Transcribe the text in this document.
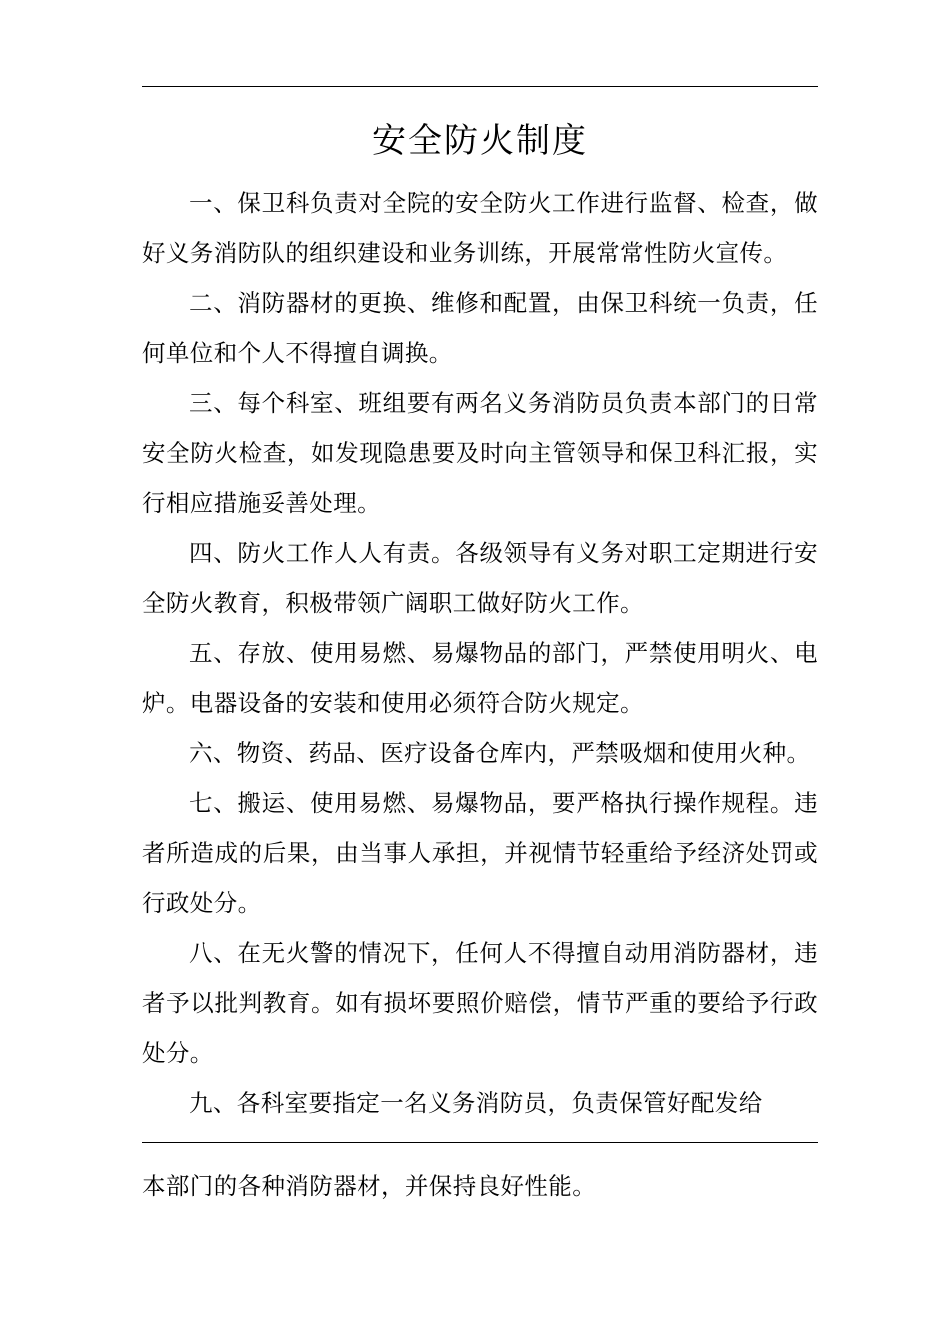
安全防火制度

一、保卫科负责对全院的安全防火工作进行监督、检查，做好义务消防队的组织建设和业务训练，开展常常性防火宣传。

二、消防器材的更换、维修和配置，由保卫科统一负责，任何单位和个人不得擅自调换。

三、每个科室、班组要有两名义务消防员负责本部门的日常安全防火检查，如发现隐患要及时向主管领导和保卫科汇报，实行相应措施妥善处理。

四、防火工作人人有责。各级领导有义务对职工定期进行安全防火教育，积极带领广阔职工做好防火工作。

五、存放、使用易燃、易爆物品的部门，严禁使用明火、电炉。电器设备的安装和使用必须符合防火规定。

六、物资、药品、医疗设备仓库内，严禁吸烟和使用火种。

七、搬运、使用易燃、易爆物品，要严格执行操作规程。违者所造成的后果，由当事人承担，并视情节轻重给予经济处罚或行政处分。

八、在无火警的情况下，任何人不得擅自动用消防器材，违者予以批判教育。如有损坏要照价赔偿，情节严重的要给予行政处分。

九、各科室要指定一名义务消防员，负责保管好配发给

本部门的各种消防器材，并保持良好性能。
